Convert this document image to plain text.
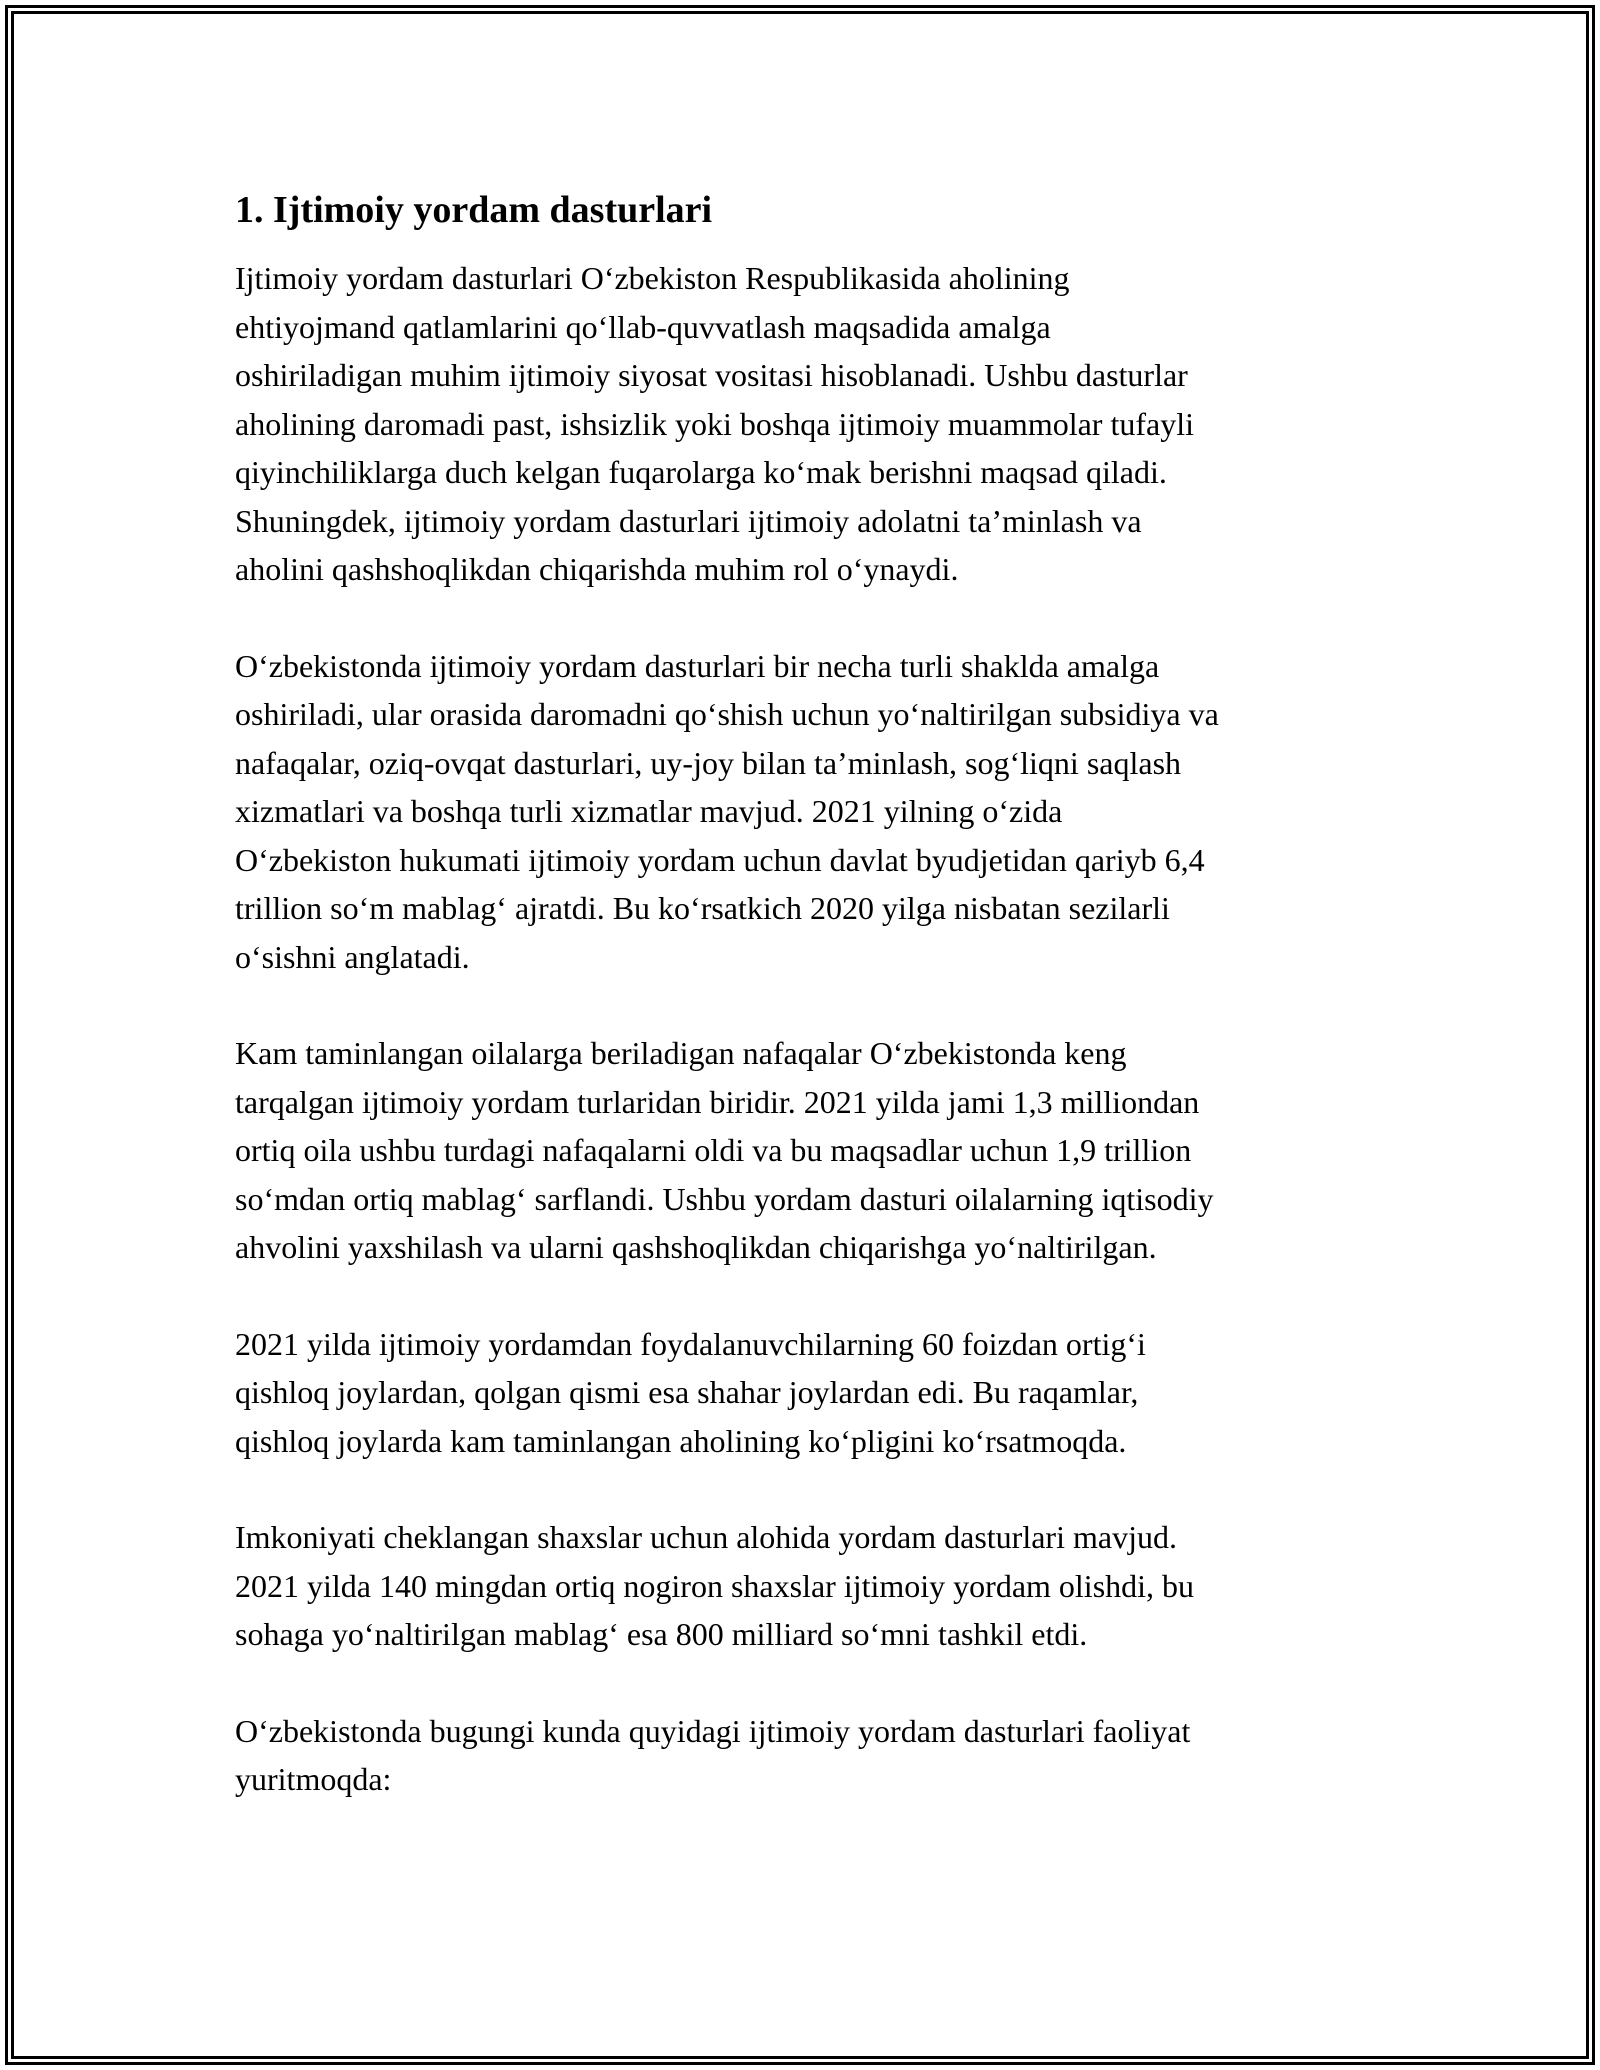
1. Ijtimoiy yordam dasturlari
Ijtimoiy yordam dasturlari O‘zbekiston Respublikasida aholining
ehtiyojmand qatlamlarini qo‘llab-quvvatlash maqsadida amalga
oshiriladigan muhim ijtimoiy siyosat vositasi hisoblanadi. Ushbu dasturlar
aholining daromadi past, ishsizlik yoki boshqa ijtimoiy muammolar tufayli
qiyinchiliklarga duch kelgan fuqarolarga ko‘mak berishni maqsad qiladi.
Shuningdek, ijtimoiy yordam dasturlari ijtimoiy adolatni ta’minlash va
aholini qashshoqlikdan chiqarishda muhim rol o‘ynaydi.
O‘zbekistonda ijtimoiy yordam dasturlari bir necha turli shaklda amalga
oshiriladi, ular orasida daromadni qo‘shish uchun yo‘naltirilgan subsidiya va
nafaqalar, oziq-ovqat dasturlari, uy-joy bilan ta’minlash, sog‘liqni saqlash
xizmatlari va boshqa turli xizmatlar mavjud. 2021 yilning o‘zida
O‘zbekiston hukumati ijtimoiy yordam uchun davlat byudjetidan qariyb 6,4
trillion so‘m mablag‘ ajratdi. Bu ko‘rsatkich 2020 yilga nisbatan sezilarli
o‘sishni anglatadi.
Kam taminlangan oilalarga beriladigan nafaqalar O‘zbekistonda keng
tarqalgan ijtimoiy yordam turlaridan biridir. 2021 yilda jami 1,3 milliondan
ortiq oila ushbu turdagi nafaqalarni oldi va bu maqsadlar uchun 1,9 trillion
so‘mdan ortiq mablag‘ sarflandi. Ushbu yordam dasturi oilalarning iqtisodiy
ahvolini yaxshilash va ularni qashshoqlikdan chiqarishga yo‘naltirilgan.
2021 yilda ijtimoiy yordamdan foydalanuvchilarning 60 foizdan ortig‘i
qishloq joylardan, qolgan qismi esa shahar joylardan edi. Bu raqamlar,
qishloq joylarda kam taminlangan aholining ko‘pligini ko‘rsatmoqda.
Imkoniyati cheklangan shaxslar uchun alohida yordam dasturlari mavjud.
2021 yilda 140 mingdan ortiq nogiron shaxslar ijtimoiy yordam olishdi, bu
sohaga yo‘naltirilgan mablag‘ esa 800 milliard so‘mni tashkil etdi.
O‘zbekistonda bugungi kunda quyidagi ijtimoiy yordam dasturlari faoliyat
yuritmoqda:
